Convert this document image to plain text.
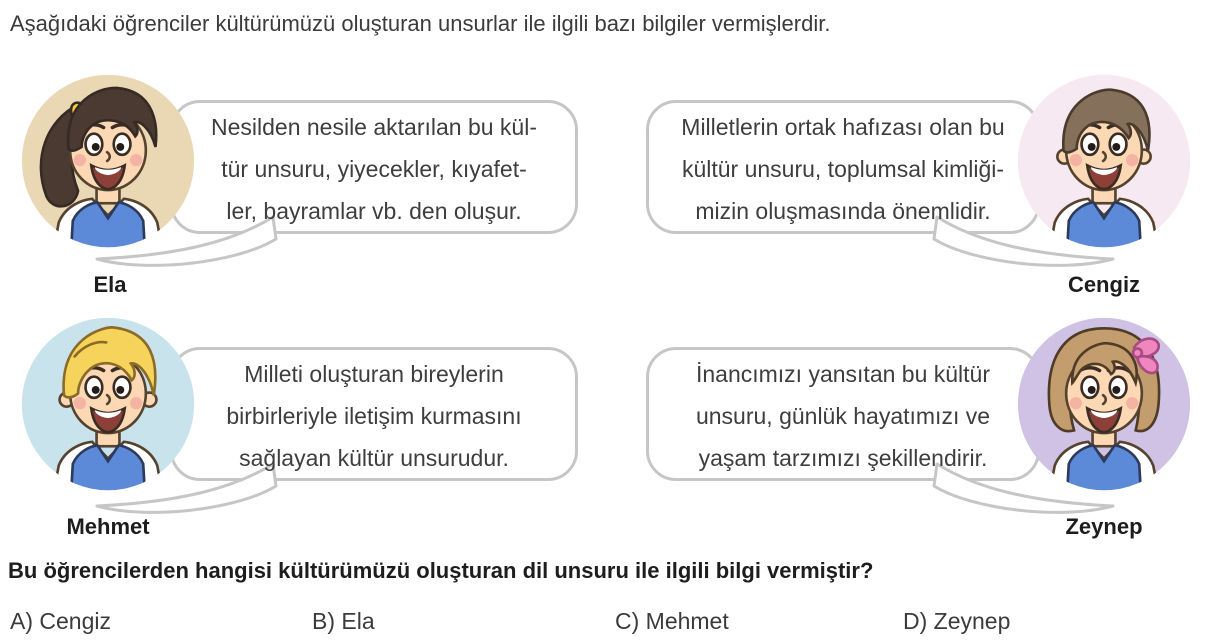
Aşağıdaki öğrenciler kültürümüzü oluşturan unsurlar ile ilgili bazı bilgiler vermişlerdir.
Ela
Nesilden nesile aktarılan bu kül-
tür unsuru, yiyecekler, kıyafet-
ler, bayramlar vb. den oluşur.
Cengiz
Milletlerin ortak hafızası olan bu
kültür unsuru, toplumsal kimliği-
mizin oluşmasında önemlidir.
Mehmet
Milleti oluşturan bireylerin
birbirleriyle iletişim kurmasını
sağlayan kültür unsurudur.
Zeynep
İnancımızı yansıtan bu kültür
unsuru, günlük hayatımızı ve
yaşam tarzımızı şekillendirir.
Bu öğrencilerden hangisi kültürümüzü oluşturan dil unsuru ile ilgili bilgi vermiştir?
A) Cengiz	B) Ela	C) Mehmet	D) Zeynep
